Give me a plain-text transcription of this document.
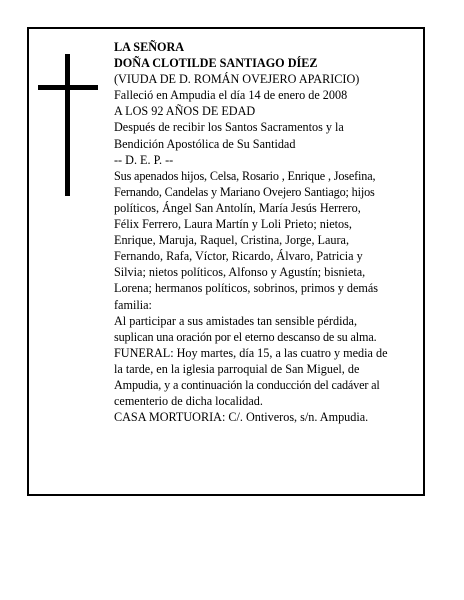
LA SEÑORA
DOÑA CLOTILDE SANTIAGO DÍEZ
(VIUDA DE D. ROMÁN OVEJERO APARICIO)
Falleció en Ampudia el día 14 de enero de 2008
A LOS 92 AÑOS DE EDAD
Después de recibir los Santos Sacramentos y la
Bendición Apostólica de Su Santidad
-- D. E. P. --
Sus apenados hijos, Celsa, Rosario , Enrique , Josefina,
Fernando, Candelas y Mariano Ovejero Santiago; hijos
políticos, Ángel San Antolín, María Jesús Herrero,
Félix Ferrero, Laura Martín y Loli Prieto; nietos,
Enrique, Maruja, Raquel, Cristina, Jorge, Laura,
Fernando, Rafa, Víctor, Ricardo, Álvaro, Patricia y
Silvia; nietos políticos, Alfonso y Agustín; bisnieta,
Lorena; hermanos políticos, sobrinos, primos y demás
familia:
Al participar a sus amistades tan sensible pérdida,
suplican una oración por el eterno descanso de su alma.
FUNERAL: Hoy martes, día 15, a las cuatro y media de
la tarde, en la iglesia parroquial de San Miguel, de
Ampudia, y a continuación la conducción del cadáver al
cementerio de dicha localidad.
CASA MORTUORIA: C/. Ontiveros, s/n. Ampudia.
